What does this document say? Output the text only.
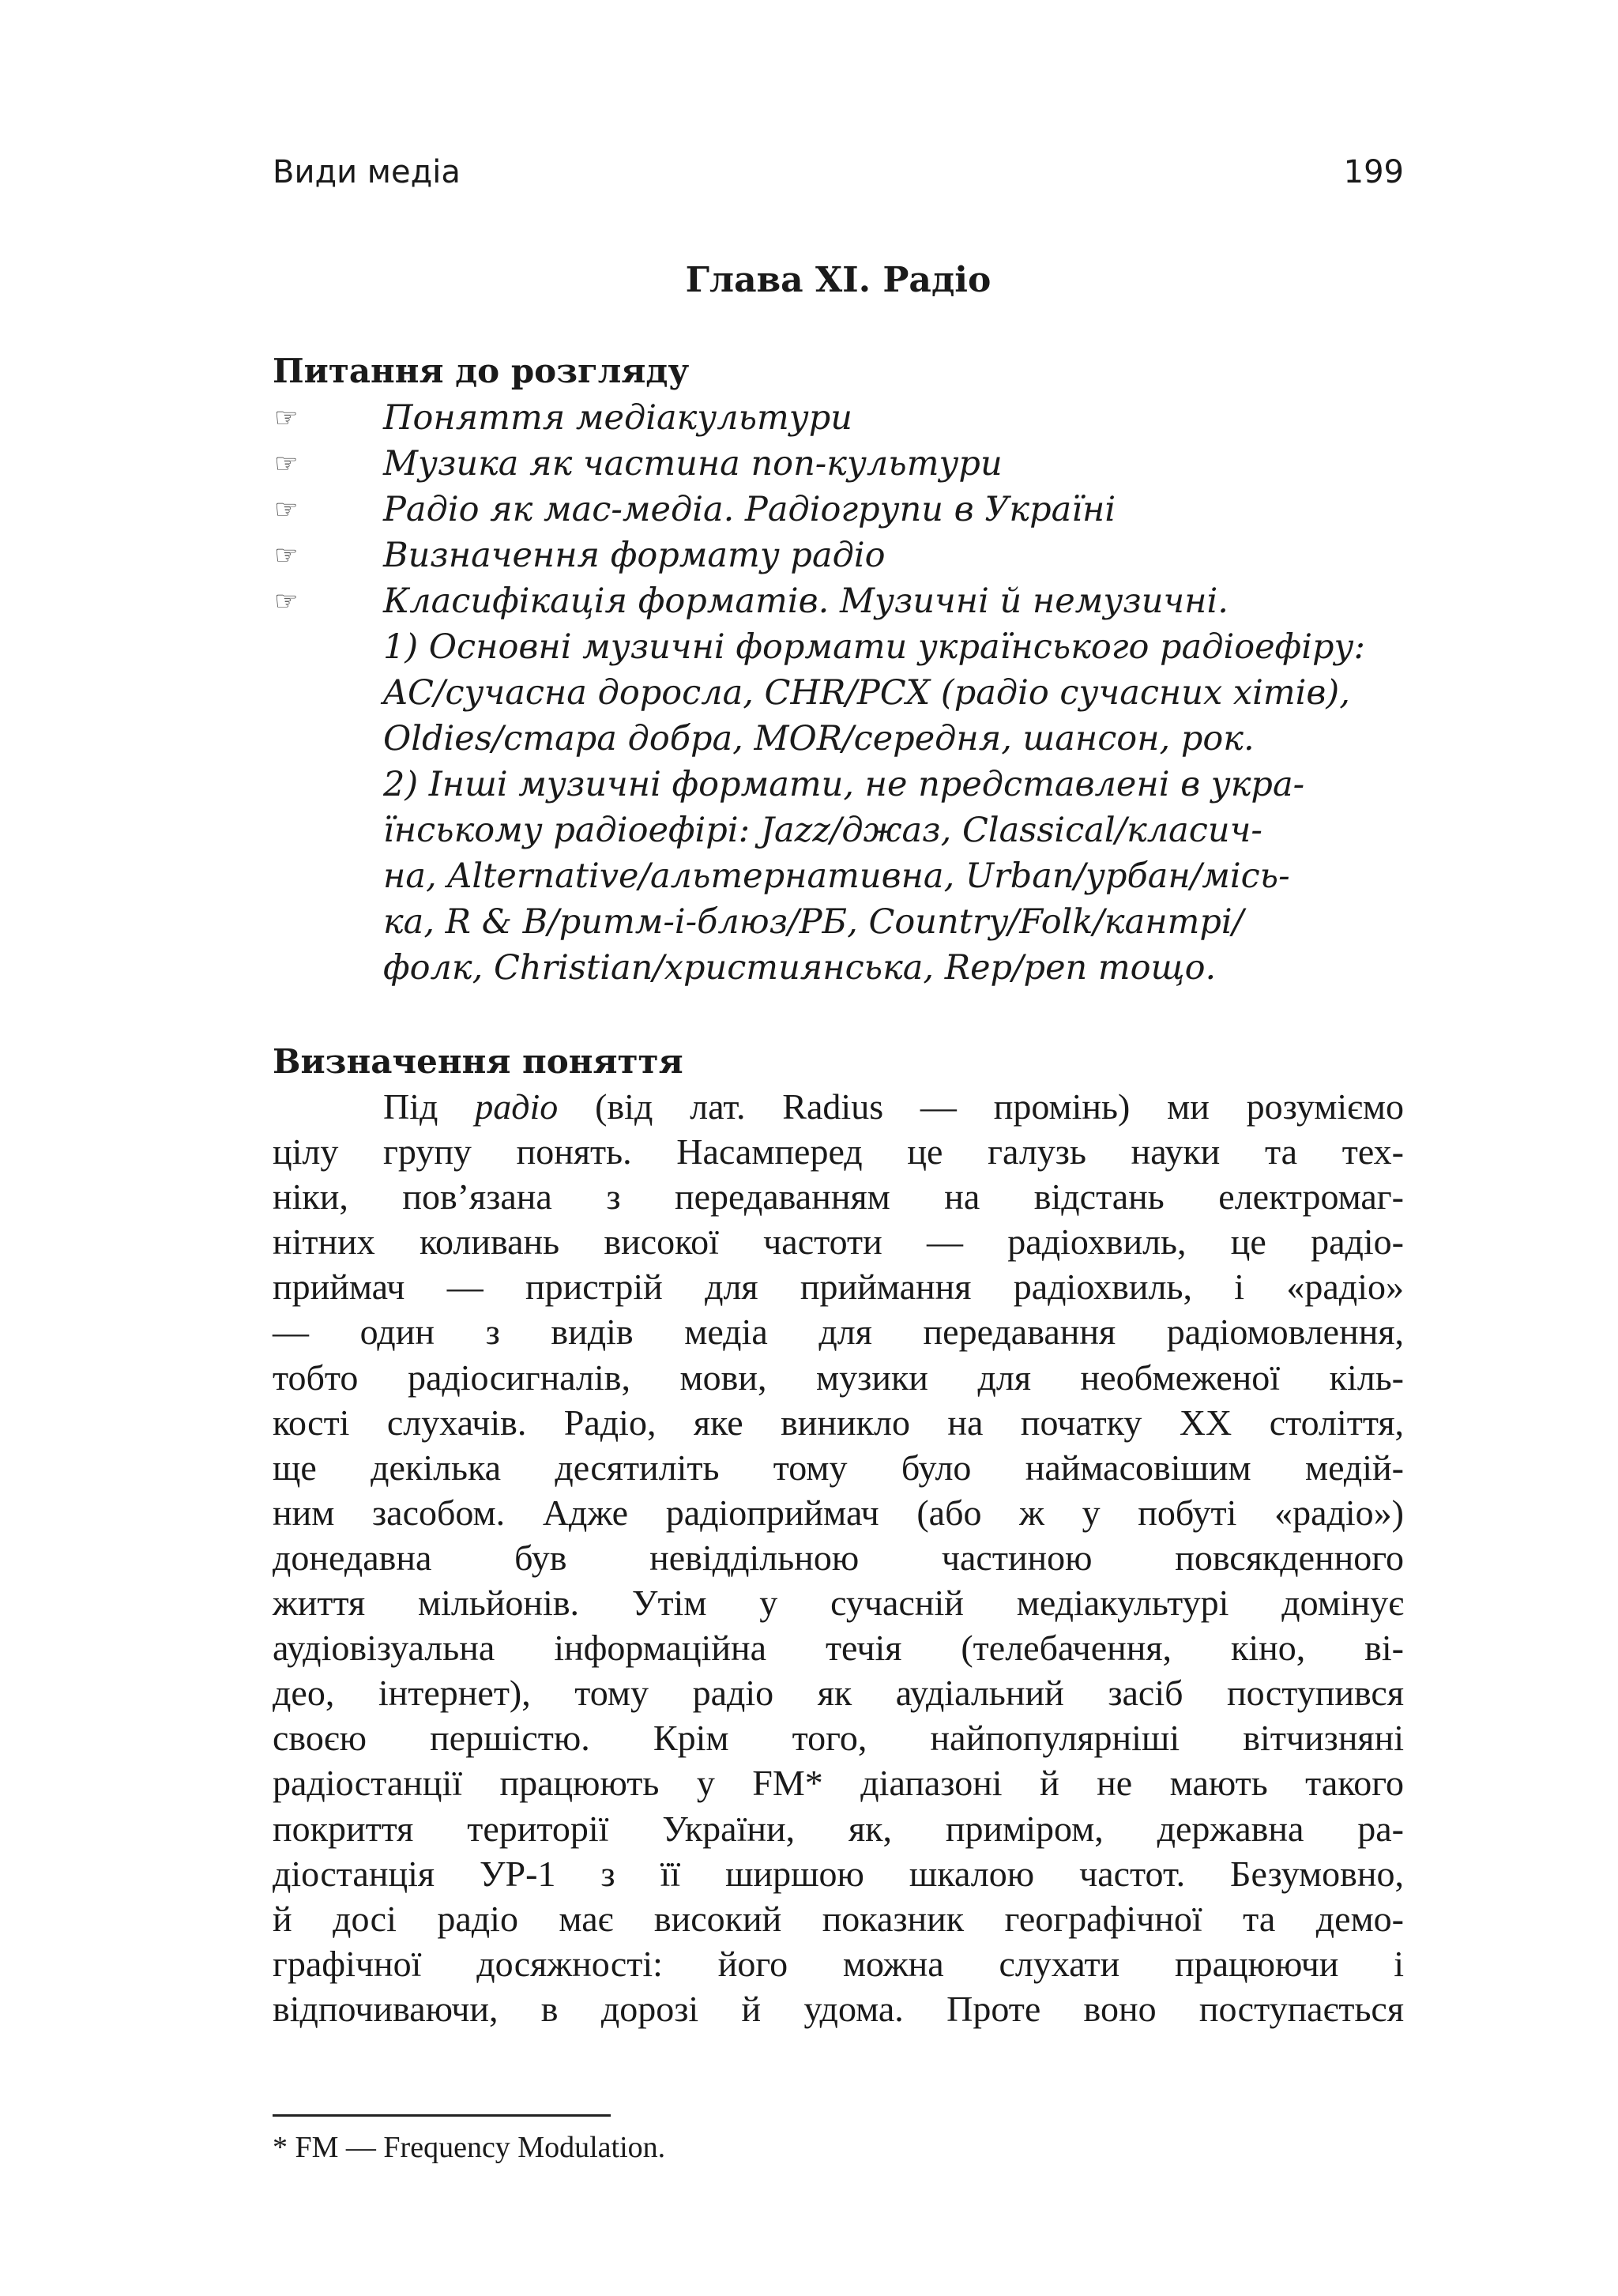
Види медіа	199
Глава XI. Радіо
Питання до розгляду
☞	Поняття медіакультури
☞	Музика як частина поп-культури
☞	Радіо як мас-медіа. Радіогрупи в Україні
☞	Визначення формату радіо
☞	Класифікація форматів. Музичні й немузичні.
1) Основні музичні формати українського радіоефіру:
AC/сучасна доросла, CHR/PCX (радіо сучасних хітів),
Oldies/стара добра, MOR/середня, шансон, рок.
2) Інші музичні формати, не представлені в укра-
їнському радіоефірі: Jazz/джаз, Classical/класич-
на, Alternative/альтернативна, Urban/урбан/місь-
ка, R & B/ритм-і-блюз/РБ, Country/Folk/кантрі/
фолк, Christian/християнська, Rep/реп тощо.
Визначення поняття
Під радіо (від лат. Radius — промінь) ми розуміємо
цілу групу понять. Насамперед це галузь науки та тех-
ніки, пов’язана з передаванням на відстань електромаг-
нітних коливань високої частоти — радіохвиль, це радіо-
приймач — пристрій для приймання радіохвиль, і «радіо»
— один з видів медіа для передавання радіомовлення,
тобто радіосигналів, мови, музики для необмеженої кіль-
кості слухачів. Радіо, яке виникло на початку XX століття,
ще декілька десятиліть тому було наймасовішим медій-
ним засобом. Адже радіоприймач (або ж у побуті «радіо»)
донедавна був невіддільною частиною повсякденного
життя мільйонів. Утім у сучасній медіакультурі домінує
аудіовізуальна інформаційна течія (телебачення, кіно, ві-
део, інтернет), тому радіо як аудіальний засіб поступився
своєю першістю. Крім того, найпопулярніші вітчизняні
радіостанції працюють у FM* діапазоні й не мають такого
покриття території України, як, приміром, державна ра-
діостанція УР-1 з її ширшою шкалою частот. Безумовно,
й досі радіо має високий показник географічної та демо-
графічної досяжності: його можна слухати працюючи і
відпочиваючи, в дорозі й удома. Проте воно поступається
* FM — Frequency Modulation.
